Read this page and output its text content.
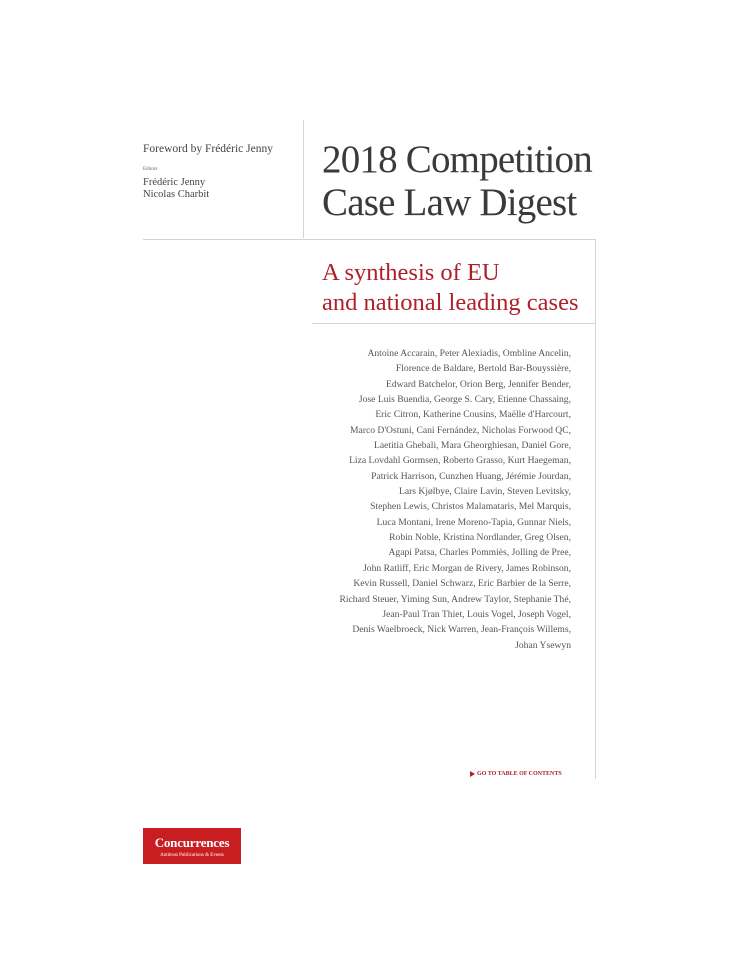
Foreword by Frédéric Jenny
Editors
Frédéric Jenny
Nicolas Charbit
2018 Competition
Case Law Digest
A synthesis of EU
and national leading cases
Antoine Accarain, Peter Alexiadis, Ombline Ancelin,
Florence de Baldare, Bertold Bar-Bouyssière,
Edward Batchelor, Orion Berg, Jennifer Bender,
Jose Luis Buendia, George S. Cary, Etienne Chassaing,
Eric Citron, Katherine Cousins, Maëlle d'Harcourt,
Marco D'Ostuni, Cani Fernández, Nicholas Forwood QC,
Laetitia Ghebali, Mara Gheorghiesan, Daniel Gore,
Liza Lovdahl Gormsen, Roberto Grasso, Kurt Haegeman,
Patrick Harrison, Cunzhen Huang, Jérémie Jourdan,
Lars Kjølbye, Claire Lavin, Steven Levitsky,
Stephen Lewis, Christos Malamataris, Mel Marquis,
Luca Montani, Irene Moreno-Tapia, Gunnar Niels,
Robin Noble, Kristina Nordlander, Greg Olsen,
Agapi Patsa, Charles Pommiès, Jolling de Pree,
John Ratliff, Eric Morgan de Rivery, James Robinson,
Kevin Russell, Daniel Schwarz, Eric Barbier de la Serre,
Richard Steuer, Yiming Sun, Andrew Taylor, Stephanie Thé,
Jean-Paul Tran Thiet, Louis Vogel, Joseph Vogel,
Denis Waelbroeck, Nick Warren, Jean-François Willems,
Johan Ysewyn
GO TO TABLE OF CONTENTS
Concurrences
Antitrust Publications & Events
